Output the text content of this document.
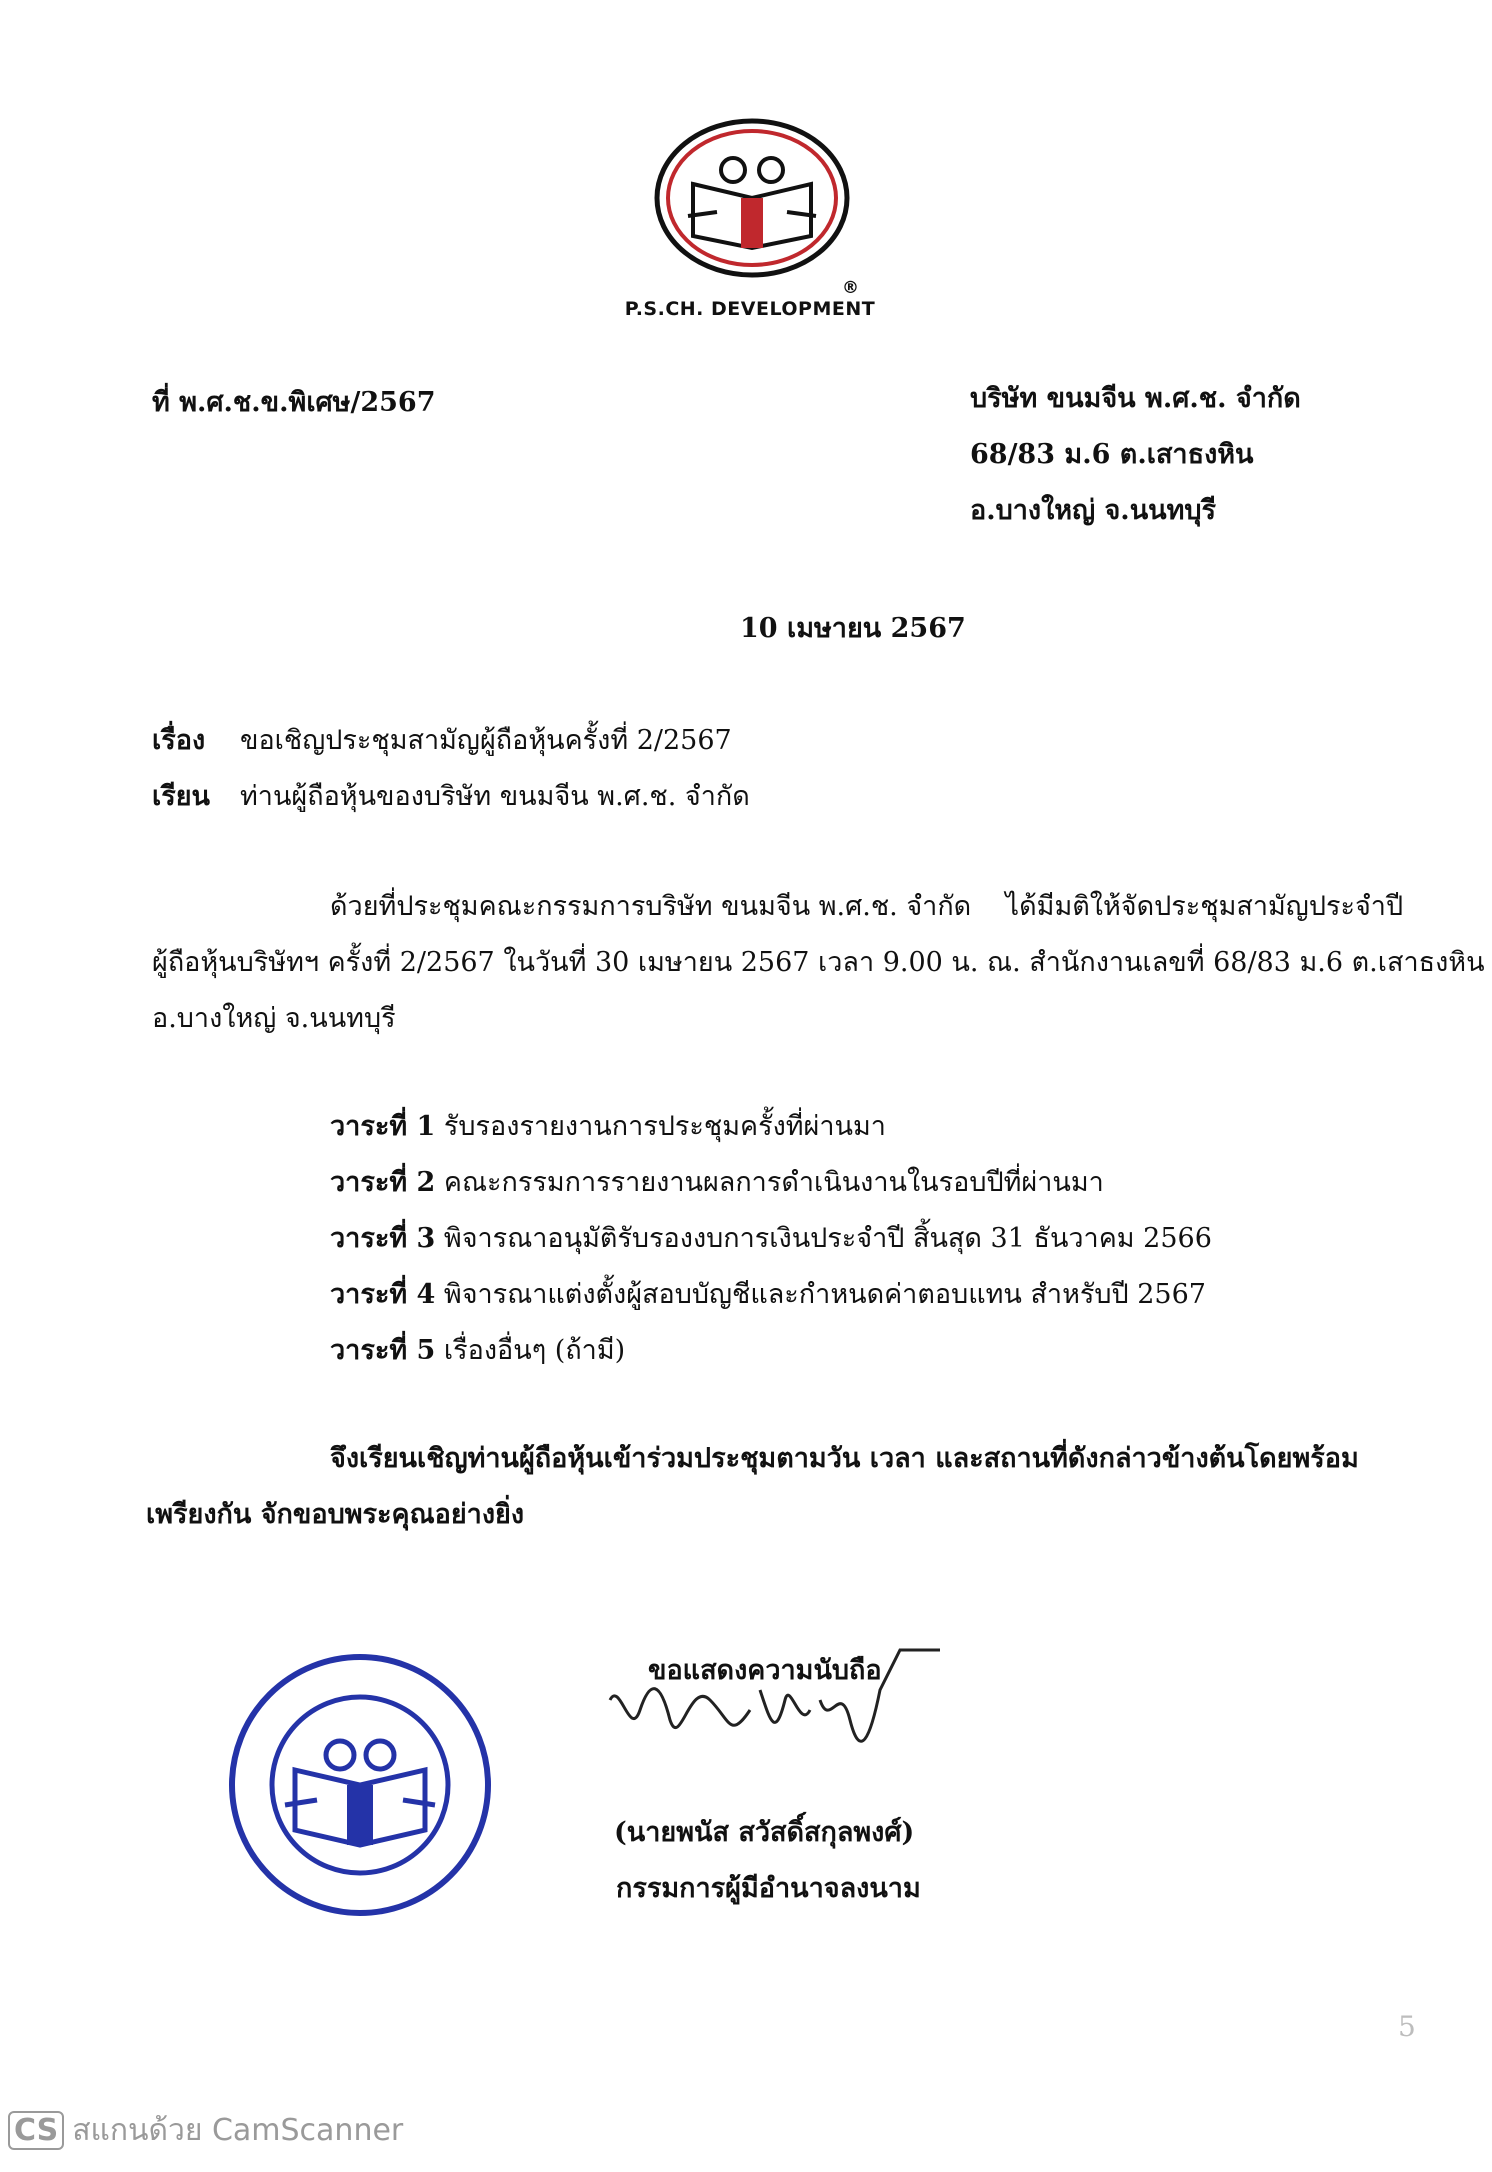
P.S.CH. DEVELOPMENT
®
ที่ พ.ศ.ช.ข.พิเศษ/2567	บริษัท ขนมจีน พ.ศ.ช. จำกัด
68/83 ม.6 ต.เสาธงหิน
อ.บางใหญ่ จ.นนทบุรี
10 เมษายน 2567
เรื่อง ขอเชิญประชุมสามัญผู้ถือหุ้นครั้งที่ 2/2567
เรียน ท่านผู้ถือหุ้นของบริษัท ขนมจีน พ.ศ.ช. จำกัด
ด้วยที่ประชุมคณะกรรมการบริษัท ขนมจีน พ.ศ.ช. จำกัด    ได้มีมติให้จัดประชุมสามัญประจำปี
ผู้ถือหุ้นบริษัทฯ ครั้งที่ 2/2567 ในวันที่ 30 เมษายน 2567 เวลา 9.00 น. ณ. สำนักงานเลขที่ 68/83 ม.6 ต.เสาธงหิน
อ.บางใหญ่ จ.นนทบุรี
วาระที่ 1 รับรองรายงานการประชุมครั้งที่ผ่านมา
วาระที่ 2 คณะกรรมการรายงานผลการดำเนินงานในรอบปีที่ผ่านมา
วาระที่ 3 พิจารณาอนุมัติรับรองงบการเงินประจำปี สิ้นสุด 31 ธันวาคม 2566
วาระที่ 4 พิจารณาแต่งตั้งผู้สอบบัญชีและกำหนดค่าตอบแทน สำหรับปี 2567
วาระที่ 5 เรื่องอื่นๆ (ถ้ามี)
จึงเรียนเชิญท่านผู้ถือหุ้นเข้าร่วมประชุมตามวัน เวลา และสถานที่ดังกล่าวข้างต้นโดยพร้อม
เพรียงกัน จักขอบพระคุณอย่างยิ่ง
ขอแสดงความนับถือ
(นายพนัส สวัสดิ์สกุลพงศ์)
กรรมการผู้มีอำนาจลงนาม
5
CS สแกนด้วย CamScanner
